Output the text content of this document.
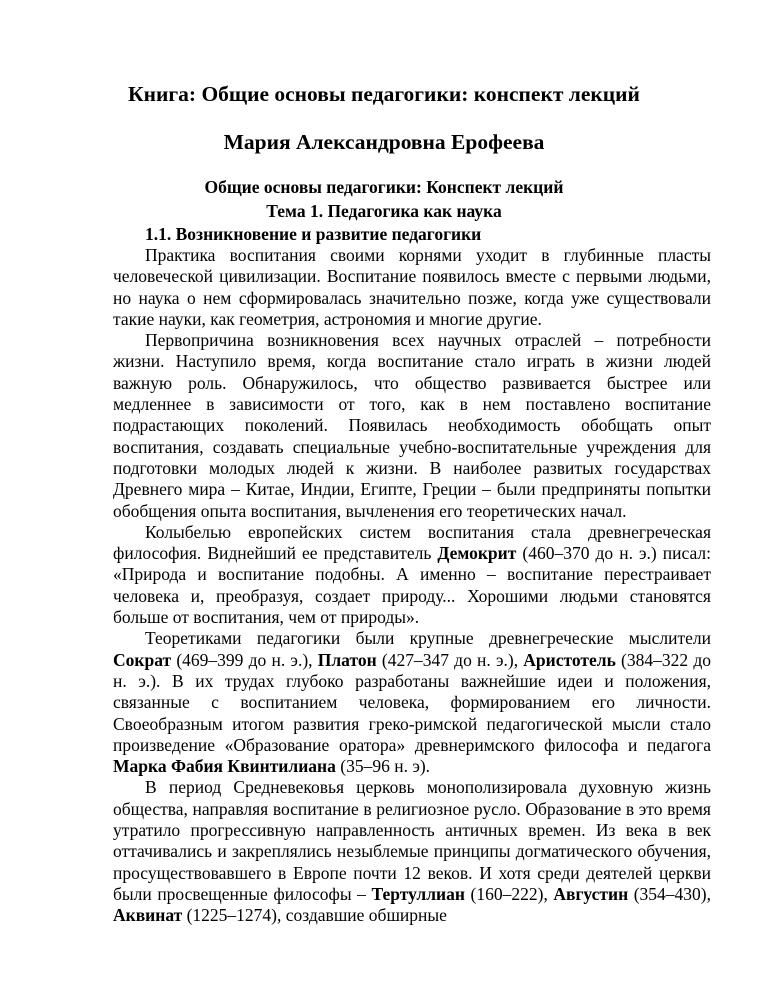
Книга: Общие основы педагогики: конспект лекций
Мария Александровна Ерофеева
Общие основы педагогики: Конспект лекций
Тема 1. Педагогика как наука
1.1. Возникновение и развитие педагогики

Практика воспитания своими корнями уходит в глубинные пласты человеческой цивилизации. Воспитание появилось вместе с первыми людьми, но наука о нем сформировалась значительно позже, когда уже существовали такие науки, как геометрия, астрономия и многие другие.

Первопричина возникновения всех научных отраслей – потребности жизни. Наступило время, когда воспитание стало играть в жизни людей важную роль. Обнаружилось, что общество развивается быстрее или медленнее в зависимости от того, как в нем поставлено воспитание подрастающих поколений. Появилась необходимость обобщать опыт воспитания, создавать специальные учебно-воспитательные учреждения для подготовки молодых людей к жизни. В наиболее развитых государствах Древнего мира – Китае, Индии, Египте, Греции – были предприняты попытки обобщения опыта воспитания, вычленения его теоретических начал.

Колыбелью европейских систем воспитания стала древнегреческая философия. Виднейший ее представитель Демокрит (460–370 до н. э.) писал: «Природа и воспитание подобны. А именно – воспитание перестраивает человека и, преобразуя, создает природу... Хорошими людьми становятся больше от воспитания, чем от природы».

Теоретиками педагогики были крупные древнегреческие мыслители Сократ (469–399 до н. э.), Платон (427–347 до н. э.), Аристотель (384–322 до н. э.). В их трудах глубоко разработаны важнейшие идеи и положения, связанные с воспитанием человека, формированием его личности. Своеобразным итогом развития греко-римской педагогической мысли стало произведение «Образование оратора» древнеримского философа и педагога Марка Фабия Квинтилиана (35–96 н. э).

В период Средневековья церковь монополизировала духовную жизнь общества, направляя воспитание в религиозное русло. Образование в это время утратило прогрессивную направленность античных времен. Из века в век оттачивались и закреплялись незыблемые принципы догматического обучения, просуществовавшего в Европе почти 12 веков. И хотя среди деятелей церкви были просвещенные философы – Тертуллиан (160–222), Августин (354–430), Аквинат (1225–1274), создавшие обширные
